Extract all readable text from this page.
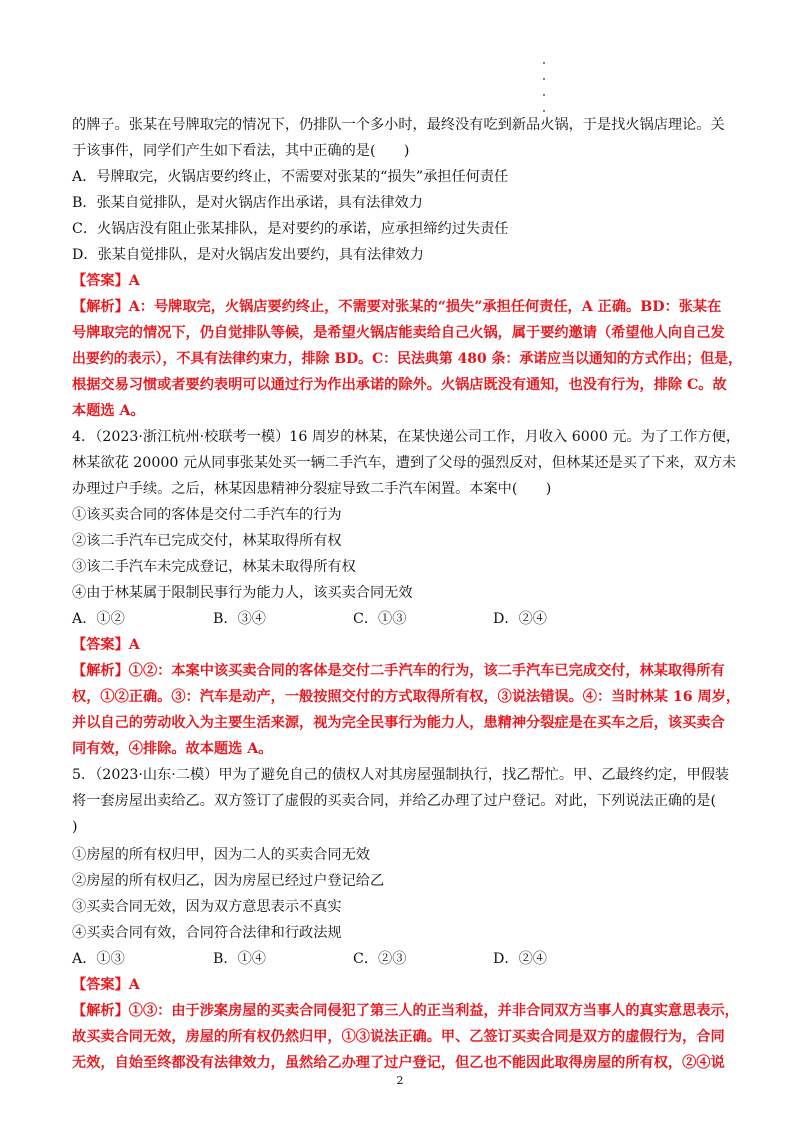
的牌子。张某在号牌取完的情况下，仍排队一个多小时，最终没有吃到新品火锅，于是找火锅店理论。关
于该事件，同学们产生如下看法，其中正确的是(　　)
A．号牌取完，火锅店要约终止，不需要对张某的“损失”承担任何责任
B．张某自觉排队，是对火锅店作出承诺，具有法律效力
C．火锅店没有阻止张某排队，是对要约的承诺，应承担缔约过失责任
D．张某自觉排队，是对火锅店发出要约，具有法律效力
【答案】A
【解析】A：号牌取完，火锅店要约终止，不需要对张某的“损失”承担任何责任，A 正确。BD：张某在
号牌取完的情况下，仍自觉排队等候，是希望火锅店能卖给自己火锅，属于要约邀请（希望他人向自己发
出要约的表示），不具有法律约束力，排除 BD。C：民法典第 480 条：承诺应当以通知的方式作出；但是，
根据交易习惯或者要约表明可以通过行为作出承诺的除外。火锅店既没有通知，也没有行为，排除 C。故
本题选 A。
4．（2023·浙江杭州·校联考一模）16 周岁的林某，在某快递公司工作，月收入 6000 元。为了工作方便，
林某欲花 20000 元从同事张某处买一辆二手汽车，遭到了父母的强烈反对，但林某还是买了下来，双方未
办理过户手续。之后，林某因患精神分裂症导致二手汽车闲置。本案中(　　)
①该买卖合同的客体是交付二手汽车的行为
②该二手汽车已完成交付，林某取得所有权
③该二手汽车未完成登记，林某未取得所有权
④由于林某属于限制民事行为能力人，该买卖合同无效
A．①②	B．③④	C．①③	D．②④
【答案】A
【解析】①②：本案中该买卖合同的客体是交付二手汽车的行为，该二手汽车已完成交付，林某取得所有
权，①②正确。③：汽车是动产，一般按照交付的方式取得所有权，③说法错误。④：当时林某 16 周岁，
并以自己的劳动收入为主要生活来源，视为完全民事行为能力人，患精神分裂症是在买车之后，该买卖合
同有效，④排除。故本题选 A。
5．（2023·山东·二模）甲为了避免自己的债权人对其房屋强制执行，找乙帮忙。甲、乙最终约定，甲假装
将一套房屋出卖给乙。双方签订了虚假的买卖合同，并给乙办理了过户登记。对此，下列说法正确的是(
)
①房屋的所有权归甲，因为二人的买卖合同无效
②房屋的所有权归乙，因为房屋已经过户登记给乙
③买卖合同无效，因为双方意思表示不真实
④买卖合同有效，合同符合法律和行政法规
A．①③	B．①④	C．②③	D．②④
【答案】A
【解析】①③：由于涉案房屋的买卖合同侵犯了第三人的正当利益，并非合同双方当事人的真实意思表示，
故买卖合同无效，房屋的所有权仍然归甲，①③说法正确。甲、乙签订买卖合同是双方的虚假行为，合同
无效，自始至终都没有法律效力，虽然给乙办理了过户登记，但乙也不能因此取得房屋的所有权，②④说
2
